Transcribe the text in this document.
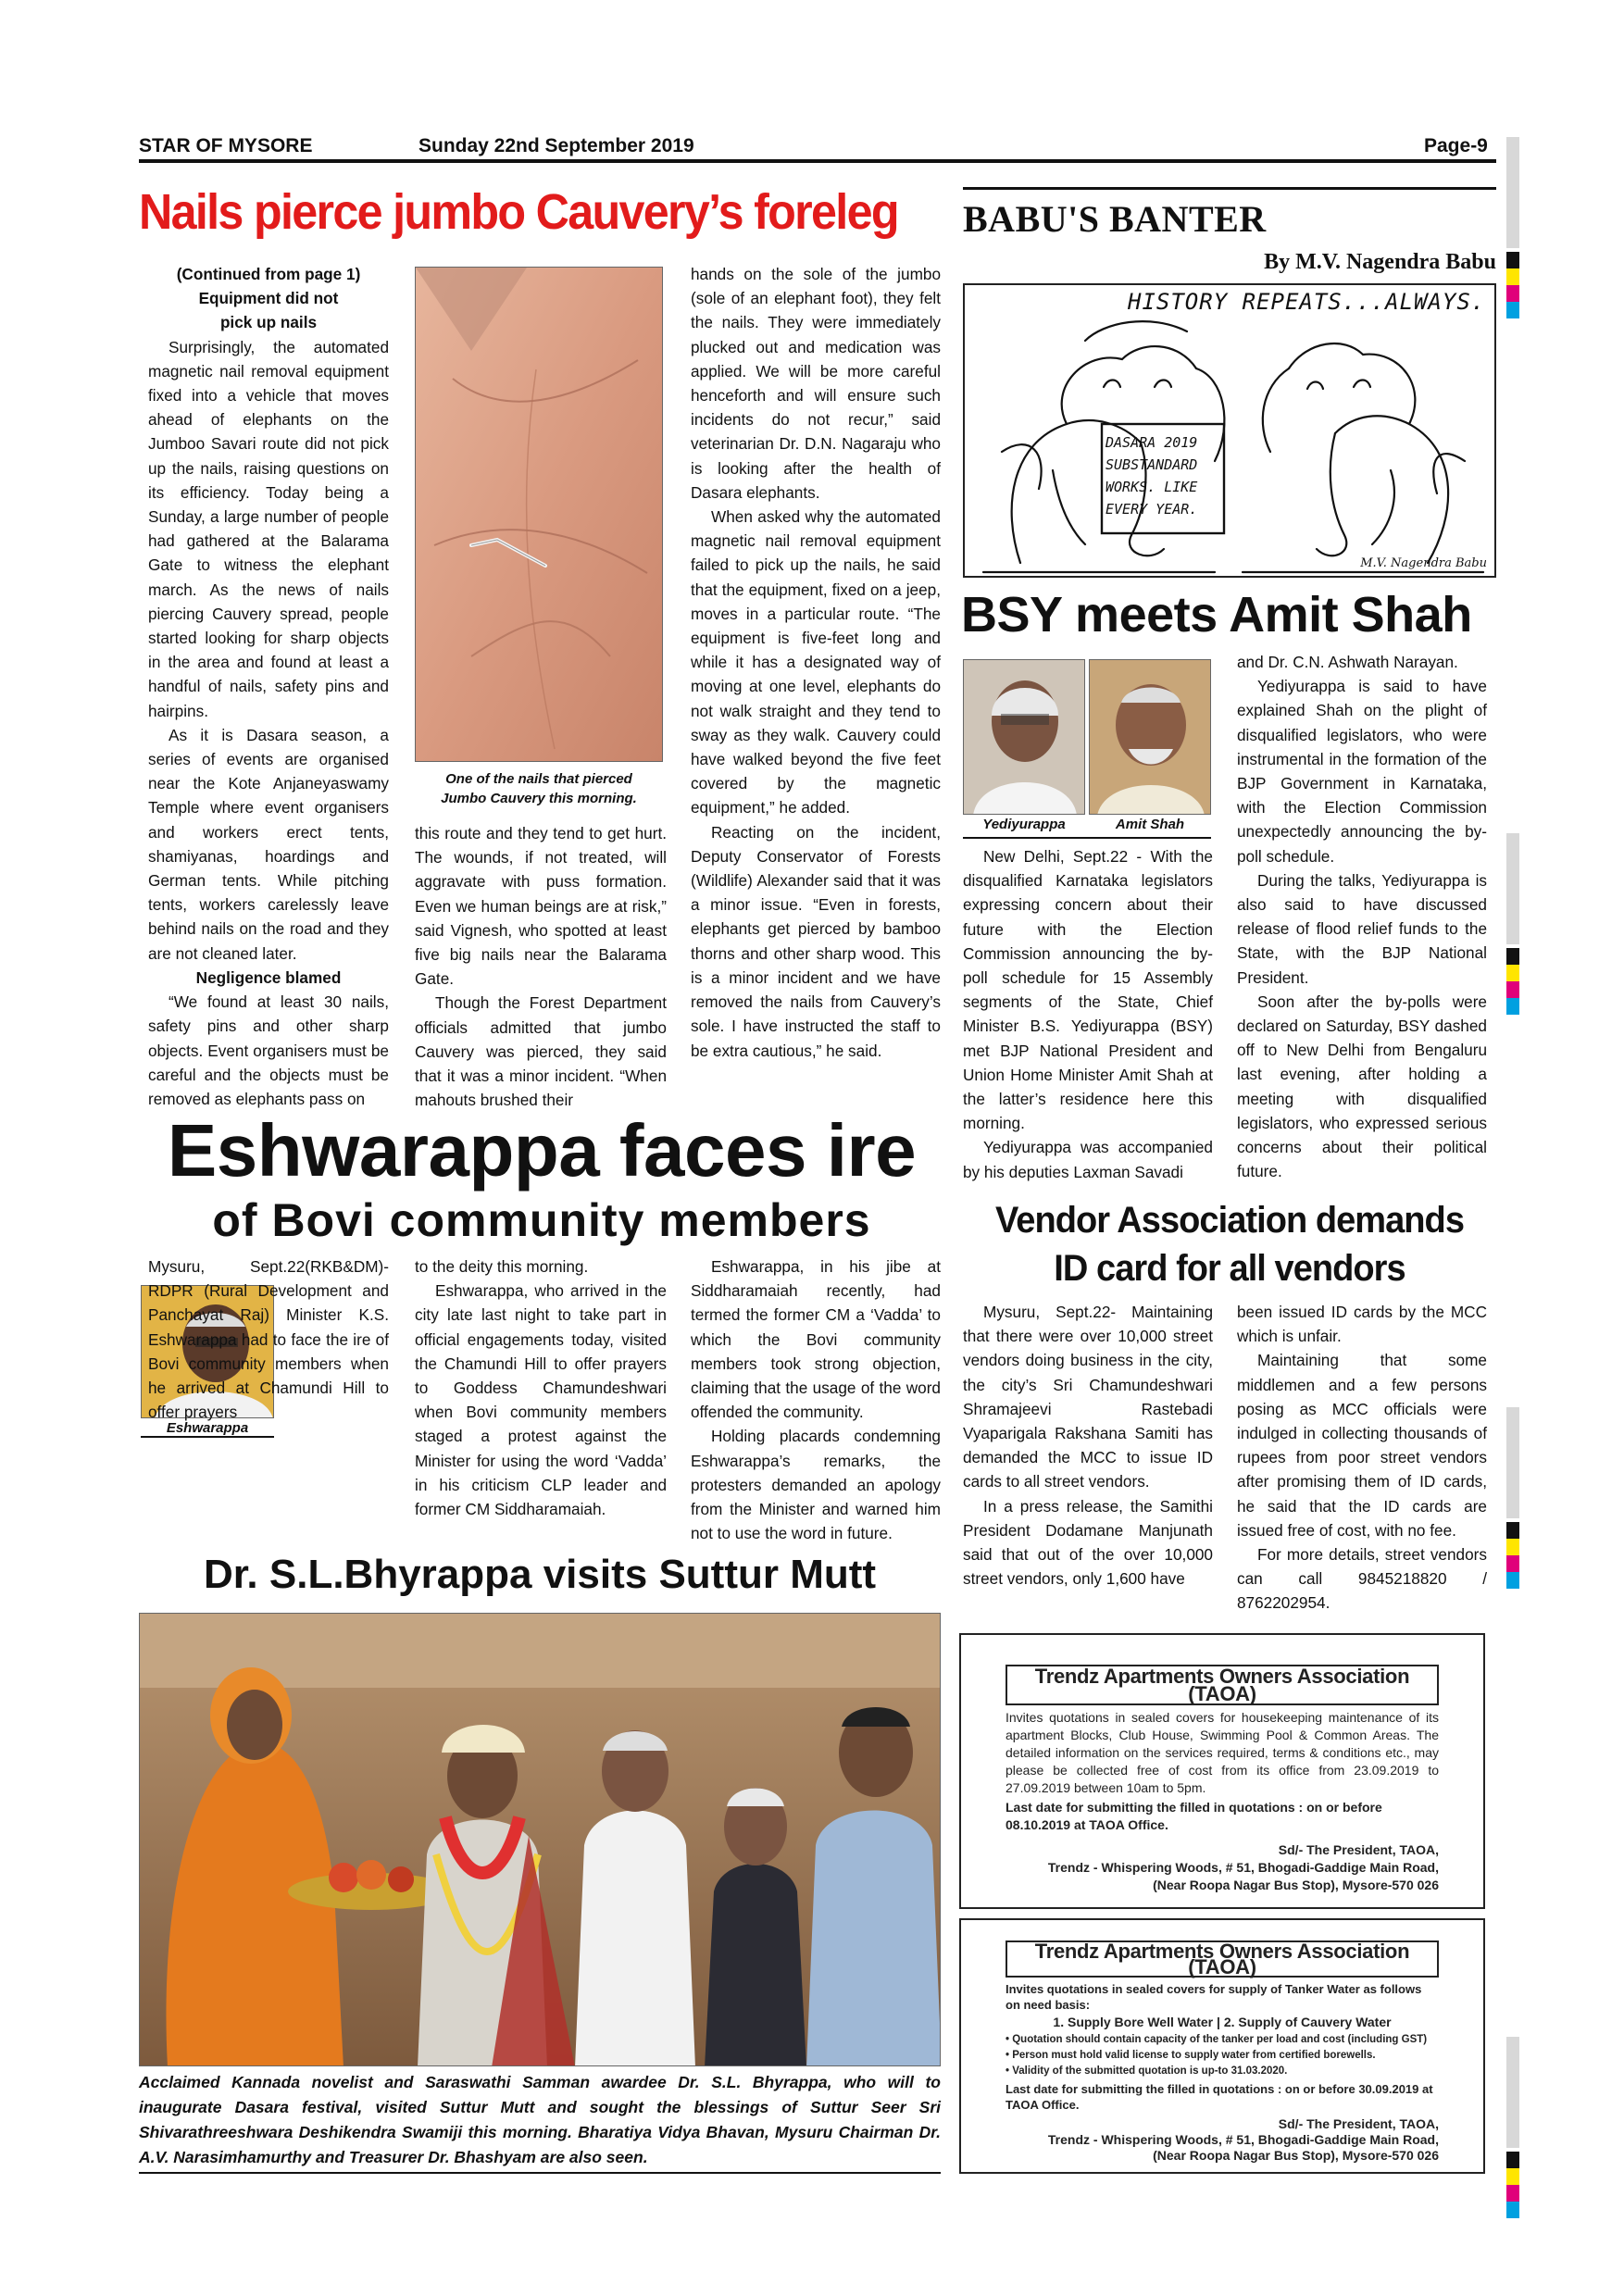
STAR OF MYSORE	Sunday 22nd September 2019	Page-9
Nails pierce jumbo Cauvery’s foreleg

(Continued from page 1)

Equipment did not pick up nails

Surprisingly, the automated magnetic nail removal equipment fixed into a vehicle that moves ahead of elephants on the Jumboo Savari route did not pick up the nails, raising questions on its efficiency. Today being a Sunday, a large number of people had gathered at the Balarama Gate to witness the elephant march. As the news of nails piercing Cauvery spread, people started looking for sharp objects in the area and found at least a handful of nails, safety pins and hairpins.

As it is Dasara season, a series of events are organised near the Kote Anjaneyaswamy Temple where event organisers and workers erect tents, shamiyanas, hoardings and German tents. While pitching tents, workers carelessly leave behind nails on the road and they are not cleaned later.

Negligence blamed

“We found at least 30 nails, safety pins and other sharp objects. Event organisers must be careful and the objects must be removed as elephants pass on

One of the nails that pierced Jumbo Cauvery this morning.

this route and they tend to get hurt. The wounds, if not treated, will aggravate with puss formation. Even we human beings are at risk,” said Vignesh, who spotted at least five big nails near the Balarama Gate.

Though the Forest Department officials admitted that jumbo Cauvery was pierced, they said that it was a minor incident. “When mahouts brushed their

hands on the sole of the jumbo (sole of an elephant foot), they felt the nails. They were immediately plucked out and medication was applied. We will be more careful henceforth and will ensure such incidents do not recur,” said veterinarian Dr. D.N. Nagaraju who is looking after the health of Dasara elephants.

When asked why the automated magnetic nail removal equipment failed to pick up the nails, he said that the equipment, fixed on a jeep, moves in a particular route. “The equipment is five-feet long and while it has a designated way of moving at one level, elephants do not walk straight and they tend to sway as they walk. Cauvery could have walked beyond the five feet covered by the magnetic equipment,” he added.

Reacting on the incident, Deputy Conservator of Forests (Wildlife) Alexander said that it was a minor issue. “Even in forests, elephants get pierced by bamboo thorns and other sharp wood. This is a minor incident and we have removed the nails from Cauvery’s sole. I have instructed the staff to be extra cautious,” he said.

BABU'S BANTER
By M.V. Nagendra Babu
HISTORY REPEATS...ALWAYS.
DASARA 2019
SUBSTANDARD
WORKS. LIKE
EVERY YEAR.
M.V. Nagendra Babu
BSY meets Amit Shah
Yediyurappa	Amit Shah

New Delhi, Sept.22 - With the disqualified Karnataka legislators expressing concern about their future with the Election Commission announcing the by-poll schedule for 15 Assembly segments of the State, Chief Minister B.S. Yediyurappa (BSY) met BJP National President and Union Home Minister Amit Shah at the latter’s residence here this morning.

Yediyurappa was accompanied by his deputies Laxman Savadi

and Dr. C.N. Ashwath Narayan.

Yediyurappa is said to have explained Shah on the plight of disqualified legislators, who were instrumental in the formation of the BJP Government in Karnataka, with the Election Commission unexpectedly announcing the by-poll schedule.

During the talks, Yediyurappa is also said to have discussed release of flood relief funds to the State, with the BJP National President.

Soon after the by-polls were declared on Saturday, BSY dashed off to New Delhi from Bengaluru last evening, after holding a meeting with disqualified legislators, who expressed serious concerns about their political future.

Eshwarappa faces ire
of Bovi community members
Eshwarappa

Mysuru, Sept.22(RKB&DM)- RDPR (Rural Development and Panchayat Raj) Minister K.S. Eshwarappa had to face the ire of Bovi community members when he arrived at Chamundi Hill to offer prayers

to the deity this morning.

Eshwarappa, who arrived in the city late last night to take part in official engagements today, visited the Chamundi Hill to offer prayers to Goddess Chamundeshwari when Bovi community members staged a protest against the Minister for using the word ‘Vadda’ in his criticism CLP leader and former CM Siddharamaiah.

Eshwarappa, in his jibe at Siddharamaiah recently, had termed the former CM a ‘Vadda’ to which the Bovi community members took strong objection, claiming that the usage of the word offended the community.

Holding placards condemning Eshwarappa’s remarks, the protesters demanded an apology from the Minister and warned him not to use the word in future.

Vendor Association demands
ID card for all vendors

Mysuru, Sept.22- Maintaining that there were over 10,000 street vendors doing business in the city, the city’s Sri Chamundeshwari Shramajeevi Rastebadi Vyaparigala Rakshana Samiti has demanded the MCC to issue ID cards to all street vendors.

In a press release, the Samithi President Dodamane Manjunath said that out of the over 10,000 street vendors, only 1,600 have

been issued ID cards by the MCC which is unfair.

Maintaining that some middlemen and a few persons posing as MCC officials were indulged in collecting thousands of rupees from poor street vendors after promising them of ID cards, he said that the ID cards are issued free of cost, with no fee.

For more details, street vendors can call 9845218820 / 8762202954.

Dr. S.L.Bhyrappa visits Suttur Mutt
Acclaimed Kannada novelist and Saraswathi Samman awardee Dr. S.L. Bhyrappa, who will to inaugurate Dasara festival, visited Suttur Mutt and sought the blessings of Suttur Seer Sri Shivarathreeshwara Deshikendra Swamiji this morning. Bharatiya Vidya Bhavan, Mysuru Chairman Dr. A.V. Narasimhamurthy and Treasurer Dr. Bhashyam are also seen.
Trendz Apartments Owners Association (TAOA)
Invites quotations in sealed covers for housekeeping maintenance of its apartment Blocks, Club House, Swimming Pool & Common Areas. The detailed information on the services required, terms & conditions etc., may please be collected free of cost from its office from 23.09.2019 to 27.09.2019 between 10am to 5pm.
Last date for submitting the filled in quotations : on or before 08.10.2019 at TAOA Office.
Sd/- The President, TAOA,
Trendz - Whispering Woods, # 51, Bhogadi-Gaddige Main Road,
(Near Roopa Nagar Bus Stop), Mysore-570 026
Trendz Apartments Owners Association (TAOA)
Invites quotations in sealed covers for supply of Tanker Water as follows on need basis:
1. Supply Bore Well Water | 2. Supply of Cauvery Water
• Quotation should contain capacity of the tanker per load and cost (including GST)
• Person must hold valid license to supply water from certified borewells.
• Validity of the submitted quotation is up-to 31.03.2020.
Last date for submitting the filled in quotations : on or before 30.09.2019 at TAOA Office.
Sd/- The President, TAOA,
Trendz - Whispering Woods, # 51, Bhogadi-Gaddige Main Road,
(Near Roopa Nagar Bus Stop), Mysore-570 026
